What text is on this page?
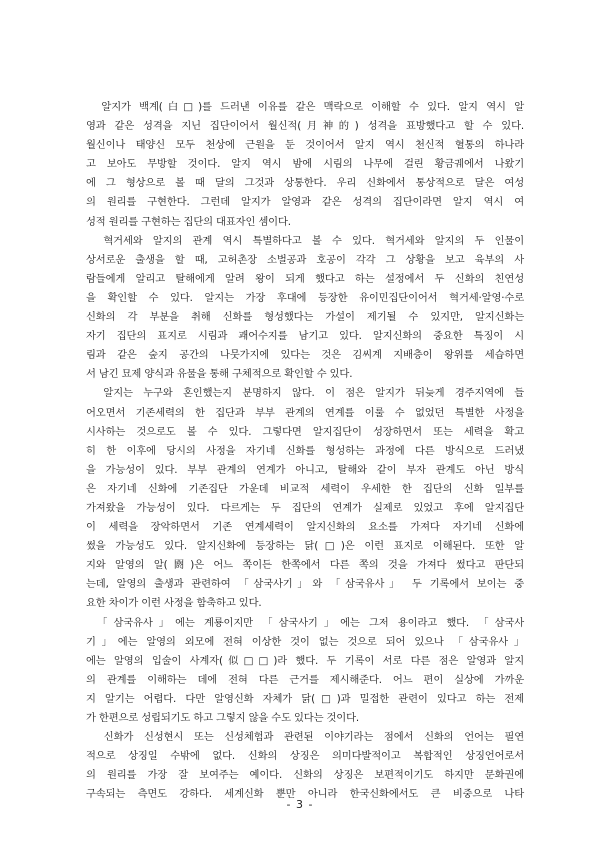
　알지가 백계(白□)를 드러낸 이유를 같은 맥락으로 이해할 수 있다. 알지 역시 알
영과 같은 성격을 지닌 집단이어서 월신적(月神的) 성격을 표방했다고 할 수 있다.
월신이나 태양신 모두 천상에 근원을 둔 것이어서 알지 역시 천신적 혈통의 하나라
고 보아도 무방할 것이다. 알지 역시 밤에 시림의 나무에 걸린 황금궤에서 나왔기
에 그 형상으로 볼 때 달의 그것과 상통한다. 우리 신화에서 통상적으로 달은 여성
의 원리를 구현한다. 그런데 알지가 알영과 같은 성격의 집단이라면 알지 역시 여
성적 원리를 구현하는 집단의 대표자인 셈이다.
　혁거세와 알지의 관계 역시 특별하다고 볼 수 있다. 혁거세와 알지의 두 인물이
상서로운 출생을 할 때, 고허촌장 소벌공과 호공이 각각 그 상황을 보고 육부의 사
람들에게 알리고 탈해에게 알려 왕이 되게 했다고 하는 설정에서 두 신화의 친연성
을 확인할 수 있다. 알지는 가장 후대에 등장한 유이민집단이어서 혁거세·알영·수로
신화의 각 부분을 취해 신화를 형성했다는 가설이 제기될 수 있지만, 알지신화는
자기 집단의 표지로 시림과 괘어수지를 남기고 있다. 알지신화의 중요한 특징이 시
림과 같은 숲지 공간의 나뭇가지에 있다는 것은 김씨계 지배층이 왕위를 세습하면
서 남긴 묘제 양식과 유물을 통해 구체적으로 확인할 수 있다.
　알지는 누구와 혼인했는지 분명하지 않다. 이 점은 알지가 뒤늦게 경주지역에 들
어오면서 기존세력의 한 집단과 부부 관계의 연계를 이룰 수 없었던 특별한 사정을
시사하는 것으로도 볼 수 있다. 그렇다면 알지집단이 성장하면서 또는 세력을 확고
히 한 이후에 당시의 사정을 자기네 신화를 형성하는 과정에 다른 방식으로 드러냈
을 가능성이 있다. 부부 관계의 연계가 아니고, 탈해와 같이 부자 관계도 아닌 방식
은 자기네 신화에 기존집단 가운데 비교적 세력이 우세한 한 집단의 신화 일부를
가져왔을 가능성이 있다. 다르게는 두 집단의 연계가 실제로 있었고 후에 알지집단
이 세력을 장악하면서 기존 연계세력이 알지신화의 요소를 가져다 자기네 신화에
썼을 가능성도 있다. 알지신화에 등장하는 닭(□)은 이런 표지로 이해된다. 또한 알
지와 알영의 알(閼)은 어느 쪽이든 한쪽에서 다른 쪽의 것을 가져다 썼다고 판단되
는데, 알영의 출생과 관련하여 「삼국사기」와 「삼국유사」 두 기록에서 보이는 중
요한 차이가 이런 사정을 함축하고 있다.
　「삼국유사」에는 계룡이지만 「삼국사기」에는 그저 용이라고 했다. 「삼국사
기」에는 알영의 외모에 전혀 이상한 것이 없는 것으로 되어 있으나 「삼국유사」
에는 알영의 입술이 사계자(似□□)라 했다. 두 기록이 서로 다른 점은 알영과 알지
의 관계를 이해하는 데에 전혀 다른 근거를 제시해준다. 어느 편이 실상에 가까운
지 알기는 어렵다. 다만 알영신화 자체가 닭(□)과 밀접한 관련이 있다고 하는 전제
가 한편으로 성립되기도 하고 그렇지 않을 수도 있다는 것이다.
　신화가 신성현시 또는 신성체험과 관련된 이야기라는 점에서 신화의 언어는 필연
적으로 상징일 수밖에 없다. 신화의 상징은 의미다발적이고 복합적인 상징언어로서
의 원리를 가장 잘 보여주는 예이다. 신화의 상징은 보편적이기도 하지만 문화권에
구속되는 측면도 강하다. 세계신화 뿐만 아니라 한국신화에서도 큰 비중으로 나타
- 3 -
